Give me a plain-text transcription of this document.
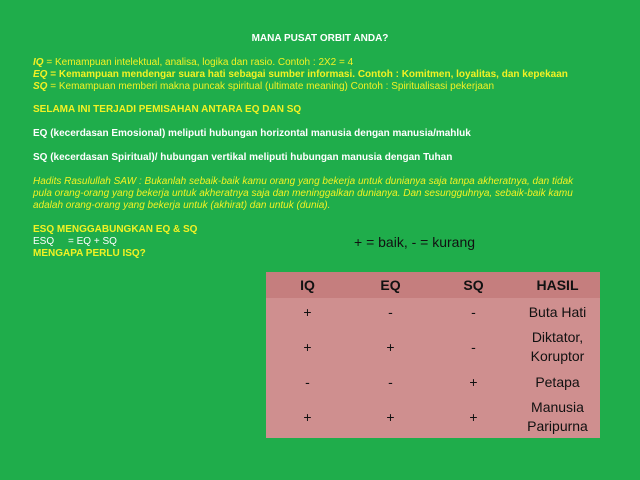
MANA PUSAT ORBIT ANDA?
IQ = Kemampuan intelektual, analisa, logika dan rasio. Contoh : 2X2 = 4
EQ = Kemampuan mendengar suara hati sebagai sumber informasi. Contoh : Komitmen, loyalitas, dan kepekaan
SQ = Kemampuan memberi makna puncak spiritual (ultimate meaning) Contoh : Spiritualisasi pekerjaan
SELAMA INI TERJADI PEMISAHAN ANTARA EQ DAN SQ
EQ (kecerdasan Emosional) meliputi hubungan horizontal manusia dengan manusia/mahluk
SQ (kecerdasan Spiritual)/ hubungan vertikal meliputi hubungan manusia dengan Tuhan
Hadits Rasulullah SAW : Bukanlah sebaik-baik kamu orang yang bekerja untuk dunianya saja tanpa akheratnya, dan tidak
pula orang-orang yang bekerja untuk akheratnya saja dan meninggalkan dunianya. Dan sesungguhnya, sebaik-baik kamu
adalah orang-orang yang bekerja untuk (akhirat) dan untuk (dunia).
ESQ MENGGABUNGKAN EQ & SQ
ESQ     = EQ + SQ
MENGAPA PERLU ISQ?
+ = baik, - = kurang
IQ	EQ	SQ	HASIL
+	-	-	Buta Hati
+	+	-	Diktator,
Koruptor
-	-	+	Petapa
+	+	+	Manusia
Paripurna
